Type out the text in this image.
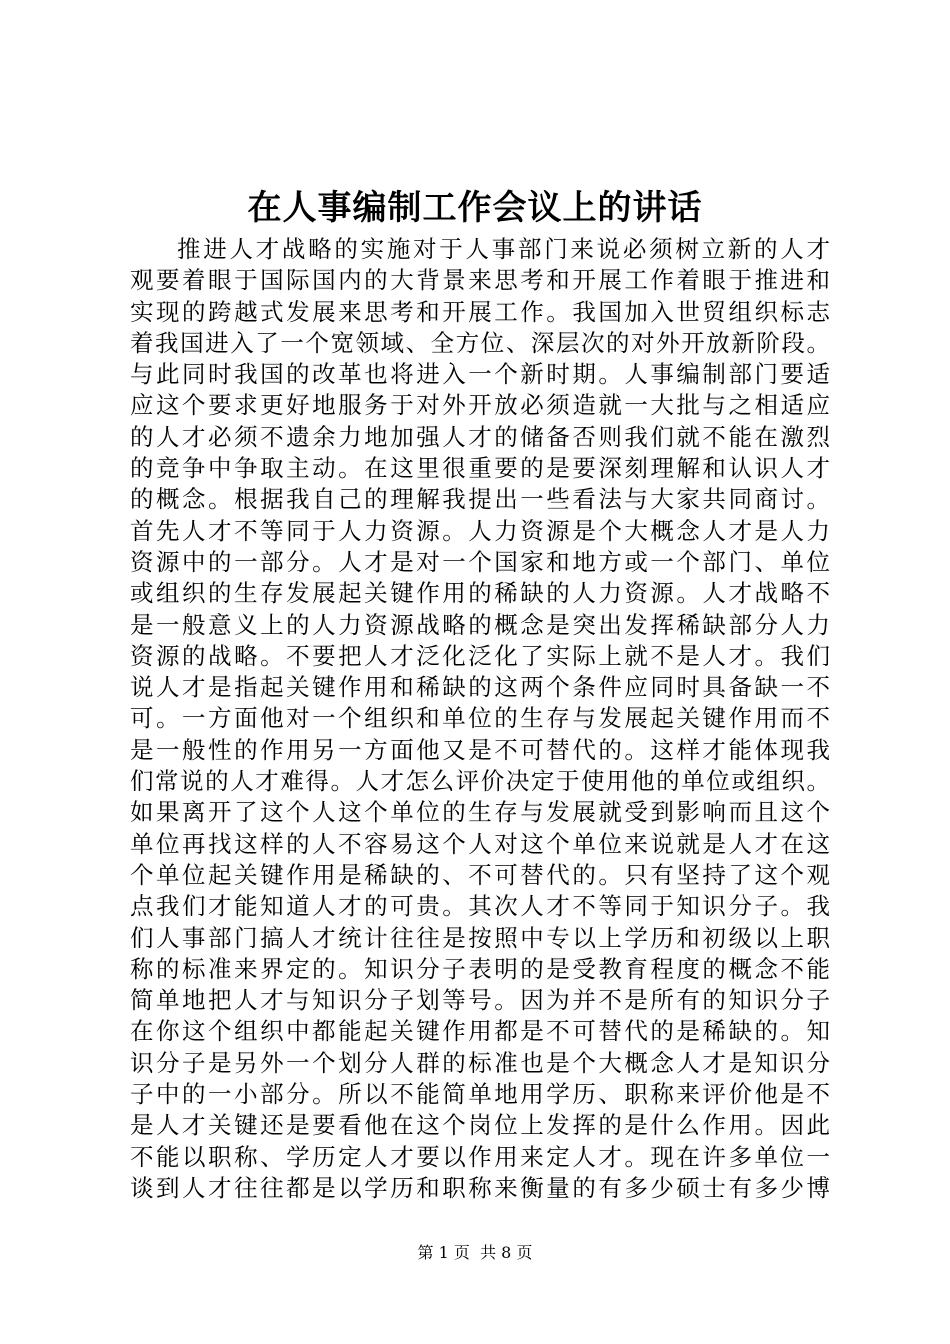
在人事编制工作会议上的讲话
推进人才战略的实施对于人事部门来说必须树立新的人才
观要着眼于国际国内的大背景来思考和开展工作着眼于推进和
实现的跨越式发展来思考和开展工作。我国加入世贸组织标志
着我国进入了一个宽领域、全方位、深层次的对外开放新阶段。
与此同时我国的改革也将进入一个新时期。人事编制部门要适
应这个要求更好地服务于对外开放必须造就一大批与之相适应
的人才必须不遗余力地加强人才的储备否则我们就不能在激烈
的竞争中争取主动。在这里很重要的是要深刻理解和认识人才
的概念。根据我自己的理解我提出一些看法与大家共同商讨。
首先人才不等同于人力资源。人力资源是个大概念人才是人力
资源中的一部分。人才是对一个国家和地方或一个部门、单位
或组织的生存发展起关键作用的稀缺的人力资源。人才战略不
是一般意义上的人力资源战略的概念是突出发挥稀缺部分人力
资源的战略。不要把人才泛化泛化了实际上就不是人才。我们
说人才是指起关键作用和稀缺的这两个条件应同时具备缺一不
可。一方面他对一个组织和单位的生存与发展起关键作用而不
是一般性的作用另一方面他又是不可替代的。这样才能体现我
们常说的人才难得。人才怎么评价决定于使用他的单位或组织。
如果离开了这个人这个单位的生存与发展就受到影响而且这个
单位再找这样的人不容易这个人对这个单位来说就是人才在这
个单位起关键作用是稀缺的、不可替代的。只有坚持了这个观
点我们才能知道人才的可贵。其次人才不等同于知识分子。我
们人事部门搞人才统计往往是按照中专以上学历和初级以上职
称的标准来界定的。知识分子表明的是受教育程度的概念不能
简单地把人才与知识分子划等号。因为并不是所有的知识分子
在你这个组织中都能起关键作用都是不可替代的是稀缺的。知
识分子是另外一个划分人群的标准也是个大概念人才是知识分
子中的一小部分。所以不能简单地用学历、职称来评价他是不
是人才关键还是要看他在这个岗位上发挥的是什么作用。因此
不能以职称、学历定人才要以作用来定人才。现在许多单位一
谈到人才往往都是以学历和职称来衡量的有多少硕士有多少博
第 1 页 共 8 页
